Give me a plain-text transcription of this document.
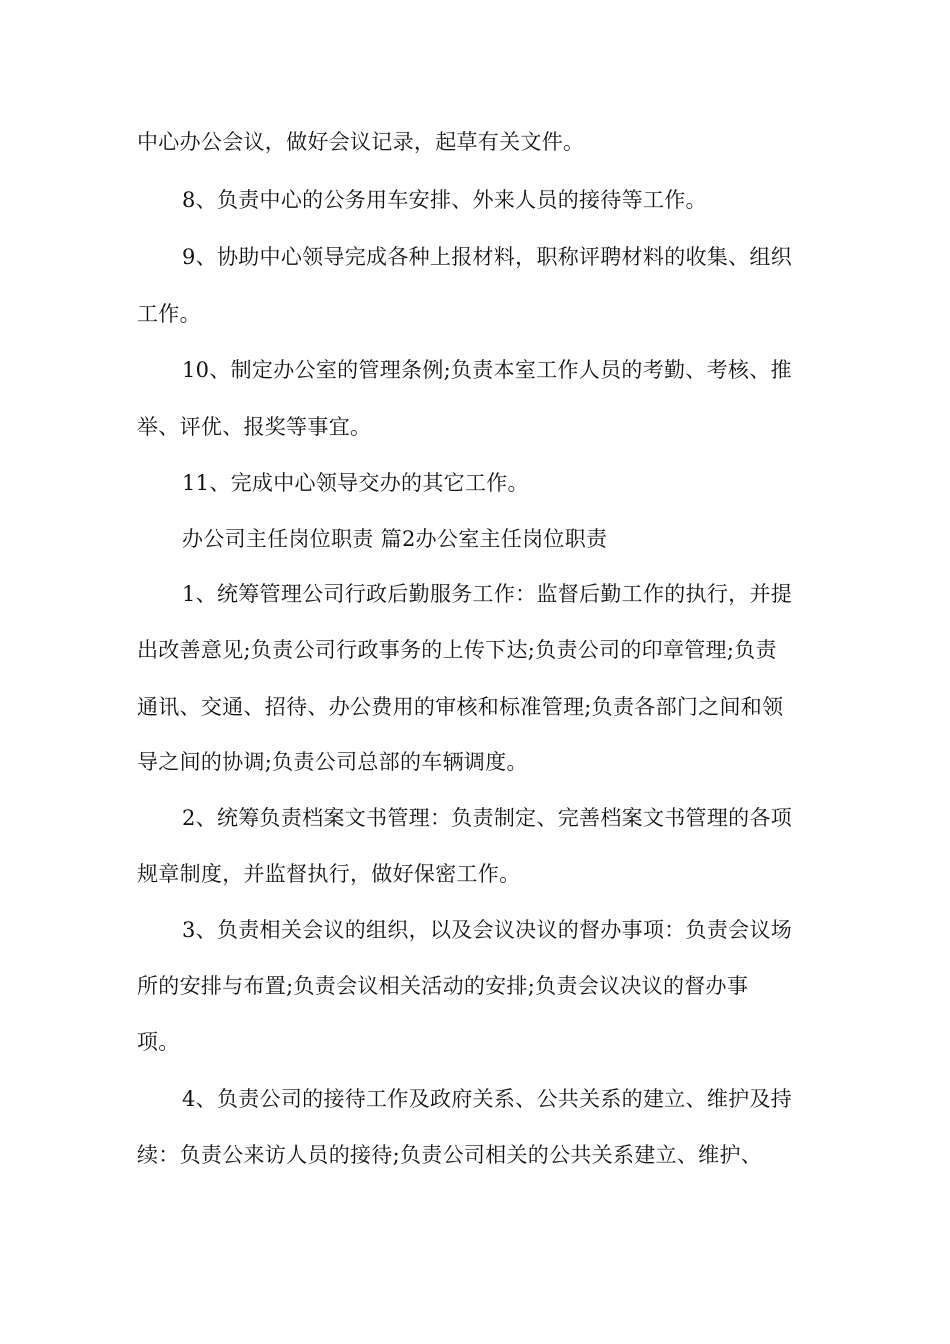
中心办公会议，做好会议记录，起草有关文件。
8、负责中心的公务用车安排、外来人员的接待等工作。
9、协助中心领导完成各种上报材料，职称评聘材料的收集、组织
工作。
10、制定办公室的管理条例;负责本室工作人员的考勤、考核、推
举、评优、报奖等事宜。
11、完成中心领导交办的其它工作。
办公司主任岗位职责 篇2办公室主任岗位职责
1、统筹管理公司行政后勤服务工作：监督后勤工作的执行，并提
出改善意见;负责公司行政事务的上传下达;负责公司的印章管理;负责
通讯、交通、招待、办公费用的审核和标准管理;负责各部门之间和领
导之间的协调;负责公司总部的车辆调度。
2、统筹负责档案文书管理：负责制定、完善档案文书管理的各项
规章制度，并监督执行，做好保密工作。
3、负责相关会议的组织，以及会议决议的督办事项：负责会议场
所的安排与布置;负责会议相关活动的安排;负责会议决议的督办事
项。
4、负责公司的接待工作及政府关系、公共关系的建立、维护及持
续：负责公来访人员的接待;负责公司相关的公共关系建立、维护、
